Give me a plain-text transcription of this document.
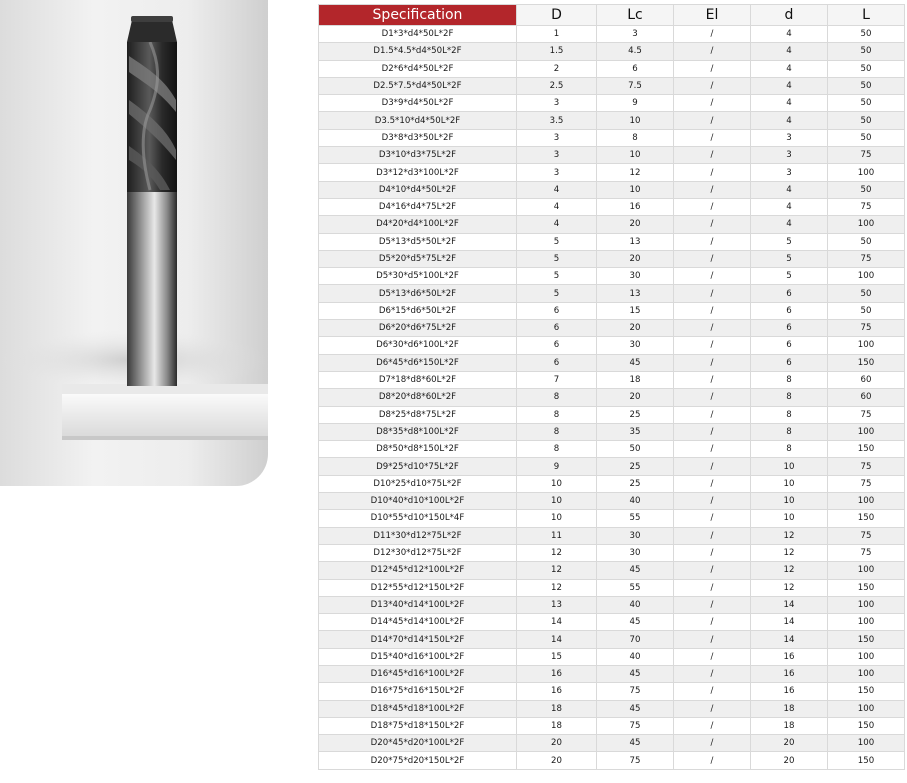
Specification	D	Lc	El	d	L
D1*3*d4*50L*2F	1	3	/	4	50
D1.5*4.5*d4*50L*2F	1.5	4.5	/	4	50
D2*6*d4*50L*2F	2	6	/	4	50
D2.5*7.5*d4*50L*2F	2.5	7.5	/	4	50
D3*9*d4*50L*2F	3	9	/	4	50
D3.5*10*d4*50L*2F	3.5	10	/	4	50
D3*8*d3*50L*2F	3	8	/	3	50
D3*10*d3*75L*2F	3	10	/	3	75
D3*12*d3*100L*2F	3	12	/	3	100
D4*10*d4*50L*2F	4	10	/	4	50
D4*16*d4*75L*2F	4	16	/	4	75
D4*20*d4*100L*2F	4	20	/	4	100
D5*13*d5*50L*2F	5	13	/	5	50
D5*20*d5*75L*2F	5	20	/	5	75
D5*30*d5*100L*2F	5	30	/	5	100
D5*13*d6*50L*2F	5	13	/	6	50
D6*15*d6*50L*2F	6	15	/	6	50
D6*20*d6*75L*2F	6	20	/	6	75
D6*30*d6*100L*2F	6	30	/	6	100
D6*45*d6*150L*2F	6	45	/	6	150
D7*18*d8*60L*2F	7	18	/	8	60
D8*20*d8*60L*2F	8	20	/	8	60
D8*25*d8*75L*2F	8	25	/	8	75
D8*35*d8*100L*2F	8	35	/	8	100
D8*50*d8*150L*2F	8	50	/	8	150
D9*25*d10*75L*2F	9	25	/	10	75
D10*25*d10*75L*2F	10	25	/	10	75
D10*40*d10*100L*2F	10	40	/	10	100
D10*55*d10*150L*4F	10	55	/	10	150
D11*30*d12*75L*2F	11	30	/	12	75
D12*30*d12*75L*2F	12	30	/	12	75
D12*45*d12*100L*2F	12	45	/	12	100
D12*55*d12*150L*2F	12	55	/	12	150
D13*40*d14*100L*2F	13	40	/	14	100
D14*45*d14*100L*2F	14	45	/	14	100
D14*70*d14*150L*2F	14	70	/	14	150
D15*40*d16*100L*2F	15	40	/	16	100
D16*45*d16*100L*2F	16	45	/	16	100
D16*75*d16*150L*2F	16	75	/	16	150
D18*45*d18*100L*2F	18	45	/	18	100
D18*75*d18*150L*2F	18	75	/	18	150
D20*45*d20*100L*2F	20	45	/	20	100
D20*75*d20*150L*2F	20	75	/	20	150
